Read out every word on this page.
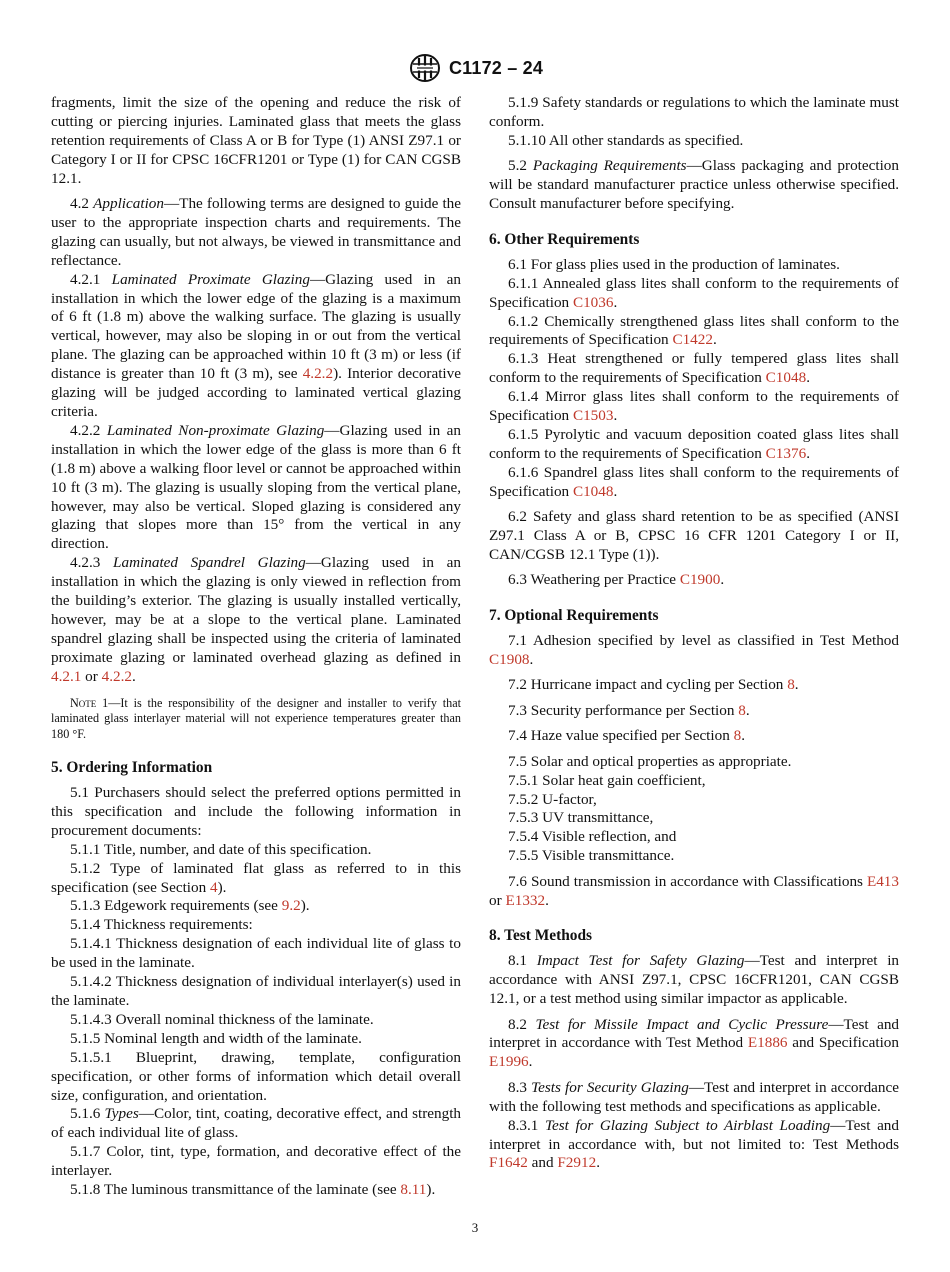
C1172 – 24

fragments, limit the size of the opening and reduce the risk of cutting or piercing injuries. Laminated glass that meets the glass retention requirements of Class A or B for Type (1) ANSI Z97.1 or Category I or II for CPSC 16CFR1201 or Type (1) for CAN CGSB 12.1.

4.2 Application—The following terms are designed to guide the user to the appropriate inspection charts and requirements. The glazing can usually, but not always, be viewed in transmittance and reflectance.

4.2.1 Laminated Proximate Glazing—Glazing used in an installation in which the lower edge of the glazing is a maximum of 6 ft (1.8 m) above the walking surface. The glazing is usually vertical, however, may also be sloping in or out from the vertical plane. The glazing can be approached within 10 ft (3 m) or less (if distance is greater than 10 ft (3 m), see 4.2.2). Interior decorative glazing will be judged according to laminated vertical glazing criteria.

4.2.2 Laminated Non-proximate Glazing—Glazing used in an installation in which the lower edge of the glass is more than 6 ft (1.8 m) above a walking floor level or cannot be approached within 10 ft (3 m). The glazing is usually sloping from the vertical plane, however, may also be vertical. Sloped glazing is considered any glazing that slopes more than 15° from the vertical in any direction.

4.2.3 Laminated Spandrel Glazing—Glazing used in an installation in which the glazing is only viewed in reflection from the building’s exterior. The glazing is usually installed vertically, however, may be at a slope to the vertical plane. Laminated spandrel glazing shall be inspected using the criteria of laminated proximate glazing or laminated overhead glazing as defined in 4.2.1 or 4.2.2.

Note 1—It is the responsibility of the designer and installer to verify that laminated glass interlayer material will not experience temperatures greater than 180 °F.

5. Ordering Information

5.1 Purchasers should select the preferred options permitted in this specification and include the following information in procurement documents:

5.1.1 Title, number, and date of this specification.

5.1.2 Type of laminated flat glass as referred to in this specification (see Section 4).

5.1.3 Edgework requirements (see 9.2).

5.1.4 Thickness requirements:

5.1.4.1 Thickness designation of each individual lite of glass to be used in the laminate.

5.1.4.2 Thickness designation of individual interlayer(s) used in the laminate.

5.1.4.3 Overall nominal thickness of the laminate.

5.1.5 Nominal length and width of the laminate.

5.1.5.1 Blueprint, drawing, template, configuration specification, or other forms of information which detail overall size, configuration, and orientation.

5.1.6 Types—Color, tint, coating, decorative effect, and strength of each individual lite of glass.

5.1.7 Color, tint, type, formation, and decorative effect of the interlayer.

5.1.8 The luminous transmittance of the laminate (see 8.11).

5.1.9 Safety standards or regulations to which the laminate must conform.

5.1.10 All other standards as specified.

5.2 Packaging Requirements—Glass packaging and protection will be standard manufacturer practice unless otherwise specified. Consult manufacturer before specifying.

6. Other Requirements

6.1 For glass plies used in the production of laminates.

6.1.1 Annealed glass lites shall conform to the requirements of Specification C1036.

6.1.2 Chemically strengthened glass lites shall conform to the requirements of Specification C1422.

6.1.3 Heat strengthened or fully tempered glass lites shall conform to the requirements of Specification C1048.

6.1.4 Mirror glass lites shall conform to the requirements of Specification C1503.

6.1.5 Pyrolytic and vacuum deposition coated glass lites shall conform to the requirements of Specification C1376.

6.1.6 Spandrel glass lites shall conform to the requirements of Specification C1048.

6.2 Safety and glass shard retention to be as specified (ANSI Z97.1 Class A or B, CPSC 16 CFR 1201 Category I or II, CAN/CGSB 12.1 Type (1)).

6.3 Weathering per Practice C1900.

7. Optional Requirements

7.1 Adhesion specified by level as classified in Test Method C1908.

7.2 Hurricane impact and cycling per Section 8.

7.3 Security performance per Section 8.

7.4 Haze value specified per Section 8.

7.5 Solar and optical properties as appropriate.

7.5.1 Solar heat gain coefficient,

7.5.2 U-factor,

7.5.3 UV transmittance,

7.5.4 Visible reflection, and

7.5.5 Visible transmittance.

7.6 Sound transmission in accordance with Classifications E413 or E1332.

8. Test Methods

8.1 Impact Test for Safety Glazing—Test and interpret in accordance with ANSI Z97.1, CPSC 16CFR1201, CAN CGSB 12.1, or a test method using similar impactor as applicable.

8.2 Test for Missile Impact and Cyclic Pressure—Test and interpret in accordance with Test Method E1886 and Specification E1996.

8.3 Tests for Security Glazing—Test and interpret in accordance with the following test methods and specifications as applicable.

8.3.1 Test for Glazing Subject to Airblast Loading—Test and interpret in accordance with, but not limited to: Test Methods F1642 and F2912.

3
